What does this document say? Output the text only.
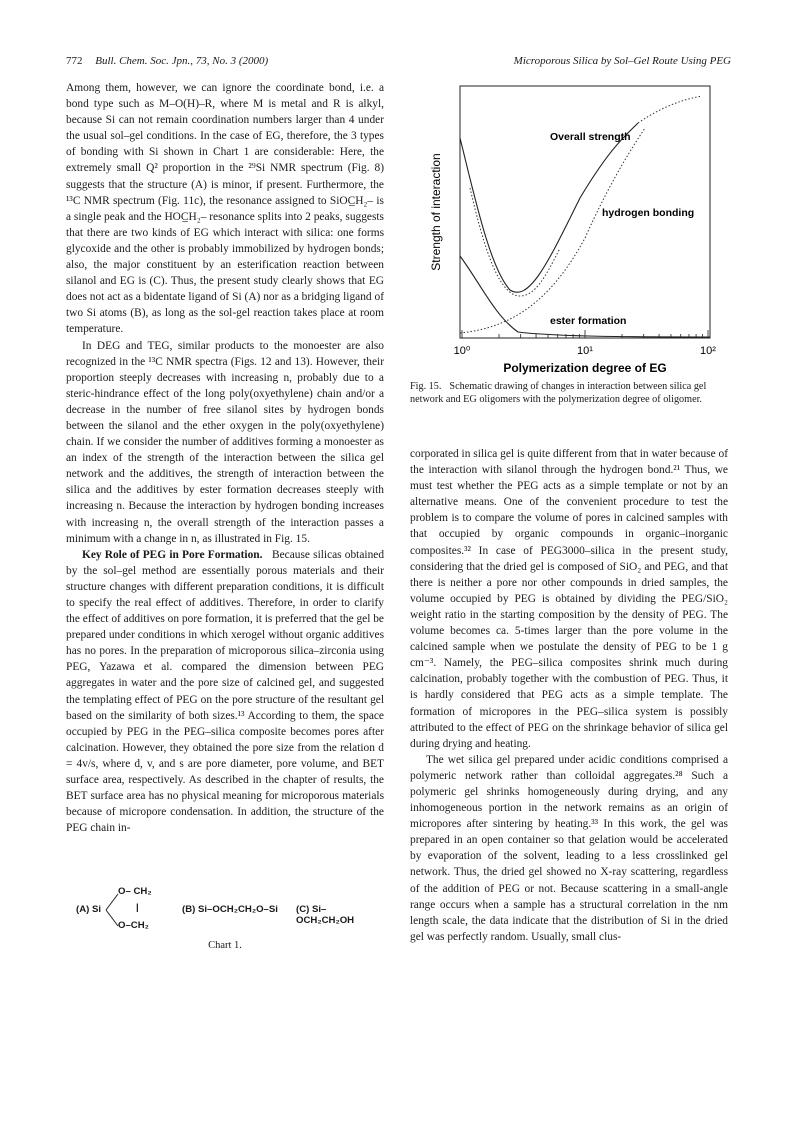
772 Bull. Chem. Soc. Jpn., 73, No. 3 (2000)	Microporous Silica by Sol–Gel Route Using PEG

Among them, however, we can ignore the coordinate bond, i.e. a bond type such as M–O(H)–R, where M is metal and R is alkyl, because Si can not remain coordination numbers larger than 4 under the usual sol–gel conditions. In the case of EG, therefore, the 3 types of bonding with Si shown in Chart 1 are considerable: Here, the extremely small Q² proportion in the ²⁹Si NMR spectrum (Fig. 8) suggests that the structure (A) is minor, if present. Furthermore, the ¹³C NMR spectrum (Fig. 11c), the resonance assigned to SiOC̲H₂– is a single peak and the HOC̲H₂– resonance splits into 2 peaks, suggests that there are two kinds of EG which interact with silica: one forms glycoxide and the other is probably immobilized by hydrogen bonds; also, the major constituent by an esterification reaction between silanol and EG is (C). Thus, the present study clearly shows that EG does not act as a bidentate ligand of Si (A) nor as a bridging ligand of two Si atoms (B), as long as the sol-gel reaction takes place at room temperature.

In DEG and TEG, similar products to the monoester are also recognized in the ¹³C NMR spectra (Figs. 12 and 13). However, their proportion steeply decreases with increasing n, probably due to a steric-hindrance effect of the long poly(oxyethylene) chain and/or a decrease in the number of free silanol sites by hydrogen bonds between the silanol and the ether oxygen in the poly(oxyethylene) chain. If we consider the number of additives forming a monoester as an index of the strength of the interaction between the silica gel network and the additives, the strength of interaction between the silica and the additives by ester formation decreases steeply with increasing n. Because the interaction by hydrogen bonding increases with increasing n, the overall strength of the interaction passes a minimum with a change in n, as illustrated in Fig. 15.

Key Role of PEG in Pore Formation. Because silicas obtained by the sol–gel method are essentially porous materials and their structure changes with different preparation conditions, it is difficult to specify the real effect of additives. Therefore, in order to clarify the effect of additives on pore formation, it is preferred that the gel be prepared under conditions in which xerogel without organic additives has no pores. In the preparation of microporous silica–zirconia using PEG, Yazawa et al. compared the dimension between PEG aggregates in water and the pore size of calcined gel, and suggested the templating effect of PEG on the pore structure of the resultant gel based on the similarity of both sizes.¹³ According to them, the space occupied by PEG in the PEG–silica composite becomes pores after calcination. However, they obtained the pore size from the relation d = 4v/s, where d, v, and s are pore diameter, pore volume, and BET surface area, respectively. As described in the chapter of results, the BET surface area has no physical meaning for microporous materials because of micropore condensation. In addition, the structure of the PEG chain in-

Overall strength
hydrogen bonding
ester formation
Strength of interaction
10⁰	10¹	10²
Polymerization degree of EG
Fig. 15. Schematic drawing of changes in interaction between silica gel network and EG oligomers with the polymerization degree of oligomer.

corporated in silica gel is quite different from that in water because of the interaction with silanol through the hydrogen bond.²¹ Thus, we must test whether the PEG acts as a simple template or not by an alternative means. One of the convenient procedure to test the problem is to compare the volume of pores in calcined samples with that occupied by organic compounds in organic–inorganic composites.³² In case of PEG3000–silica in the present study, considering that the dried gel is composed of SiO₂ and PEG, and that there is neither a pore nor other compounds in dried samples, the volume occupied by PEG is obtained by dividing the PEG/SiO₂ weight ratio in the starting composition by the density of PEG. The volume becomes ca. 5-times larger than the pore volume in the calcined sample when we postulate the density of PEG to be 1 g cm⁻³. Namely, the PEG–silica composites shrink much during calcination, probably together with the combustion of PEG. Thus, it is hardly considered that PEG acts as a simple template. The formation of micropores in the PEG–silica system is possibly attributed to the effect of PEG on the shrinkage behavior of silica gel during drying and heating.

The wet silica gel prepared under acidic conditions comprised a polymeric network rather than colloidal aggregates.²⁸ Such a polymeric gel shrinks homogeneously during drying, and any inhomogeneous portion in the network remains as an origin of micropores after sintering by heating.³³ In this work, the gel was prepared in an open container so that gelation would be accelerated by evaporation of the solvent, leading to a less crosslinked gel network. Thus, the dried gel showed no X-ray scattering, regardless of the addition of PEG or not. Because scattering in a small-angle range occurs when a sample has a structural correlation in the nm length scale, the data indicate that the distribution of Si in the dried gel was perfectly random. Usually, small clus-

(A) Si
O– CH₂
|
O–CH₂
(B) Si–OCH₂CH₂O–Si (C) Si–OCH₂CH₂OH
Chart 1.
